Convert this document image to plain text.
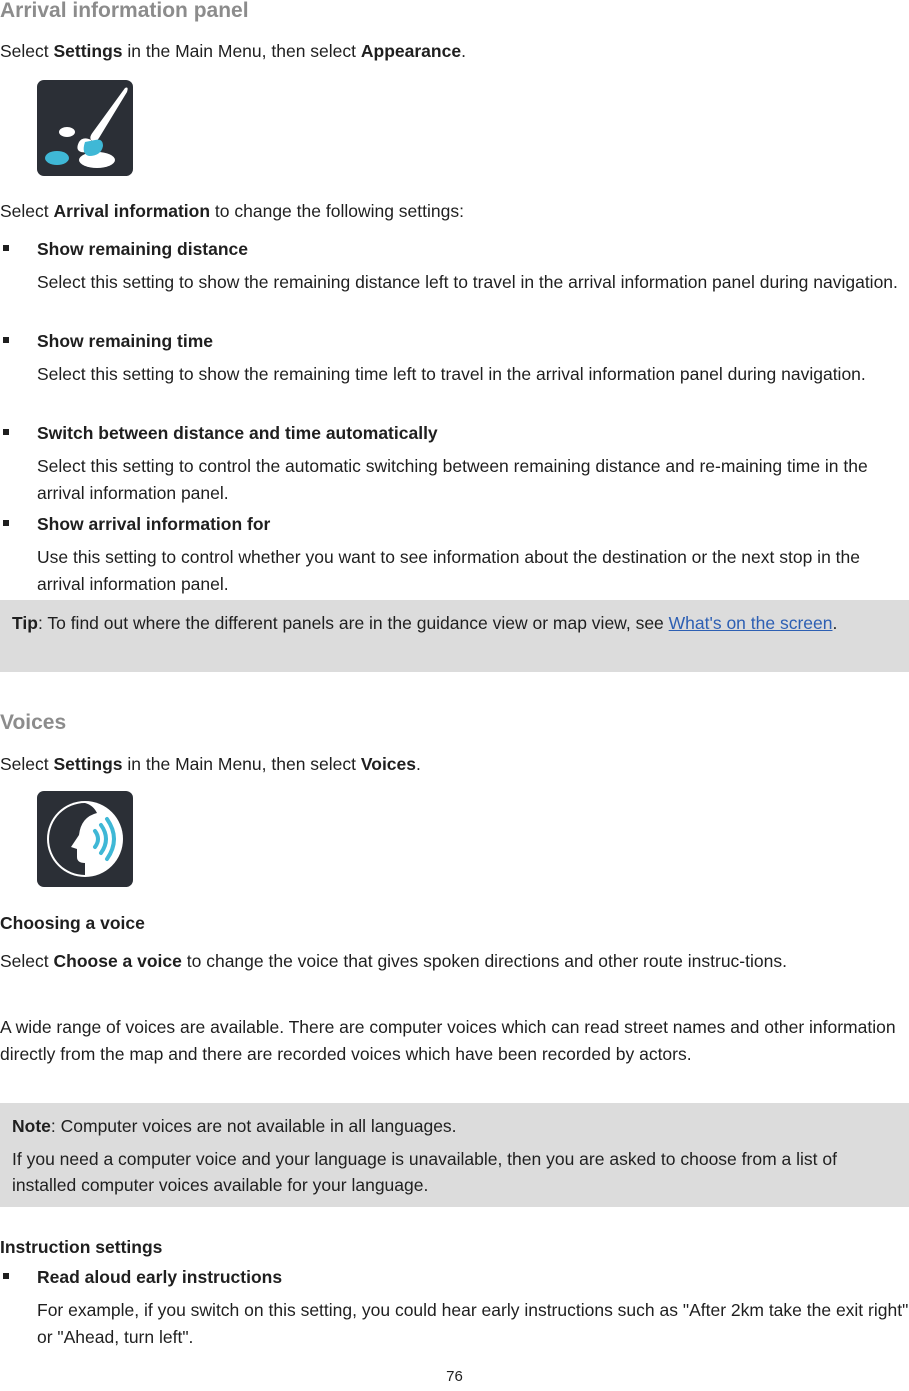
Arrival information panel

Select Settings in the Main Menu, then select Appearance.

Select Arrival information to change the following settings:

Show remaining distance
Select this setting to show the remaining distance left to travel in the arrival information panel during navigation.
Show remaining time
Select this setting to show the remaining time left to travel in the arrival information panel during navigation.
Switch between distance and time automatically
Select this setting to control the automatic switching between remaining distance and re-maining time in the arrival information panel.
Show arrival information for
Use this setting to control whether you want to see information about the destination or the next stop in the arrival information panel.
Tip: To find out where the different panels are in the guidance view or map view, see What's on the screen.
Voices

Select Settings in the Main Menu, then select Voices.

Choosing a voice

Select Choose a voice to change the voice that gives spoken directions and other route instruc-tions.

A wide range of voices are available. There are computer voices which can read street names and other information directly from the map and there are recorded voices which have been recorded by actors.

Note: Computer voices are not available in all languages.
If you need a computer voice and your language is unavailable, then you are asked to choose from a list of installed computer voices available for your language.
Instruction settings
Read aloud early instructions
For example, if you switch on this setting, you could hear early instructions such as "After 2km take the exit right" or "Ahead, turn left".
76
